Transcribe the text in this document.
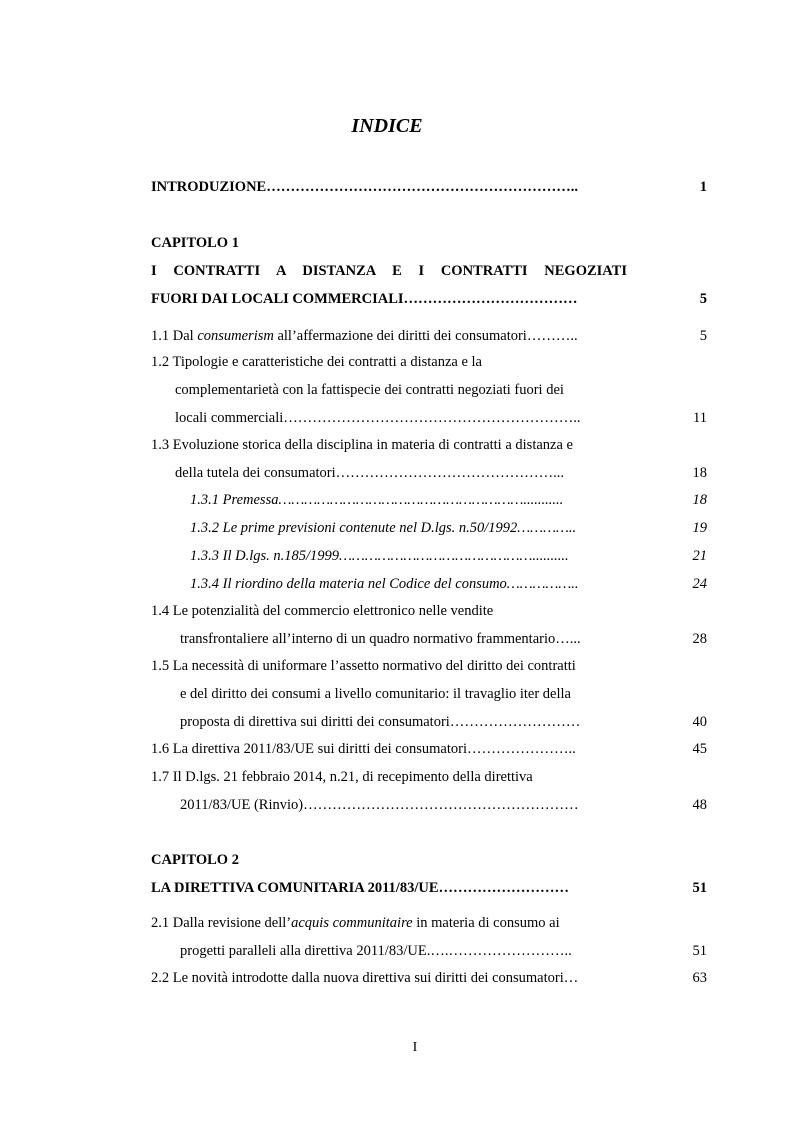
INDICE
INTRODUZIONE………………………………………………………..	1
CAPITOLO 1
I CONTRATTI A DISTANZA E I CONTRATTI NEGOZIATI
FUORI DAI LOCALI COMMERCIALI………………………………	5
1.1 Dal consumerism all’affermazione dei diritti dei consumatori………..	5
1.2 Tipologie e caratteristiche dei contratti a distanza e la
complementarietà con la fattispecie dei contratti negoziati fuori dei
locali commerciali……………………………………………………..	11
1.3 Evoluzione storica della disciplina in materia di contratti a distanza e
della tutela dei consumatori………………………………………...	18
1.3.1 Premessa…………………………………………………...........	18
1.3.2 Le prime previsioni contenute nel D.lgs. n.50/1992…………..	19
1.3.3 Il D.lgs. n.185/1999………………………………………..........	21
1.3.4 Il riordino della materia nel Codice del consumo……………..	24
1.4 Le potenzialità del commercio elettronico nelle vendite
transfrontaliere all’interno di un quadro normativo frammentario…...	28
1.5 La necessità di uniformare l’assetto normativo del diritto dei contratti
e del diritto dei consumi a livello comunitario: il travaglio iter della
proposta di direttiva sui diritti dei consumatori………………………	40
1.6 La direttiva 2011/83/UE sui diritti dei consumatori…………………..	45
1.7 Il D.lgs. 21 febbraio 2014, n.21, di recepimento della direttiva
2011/83/UE (Rinvio)…………………………………………………	48
CAPITOLO 2
LA DIRETTIVA COMUNITARIA 2011/83/UE………………………	51
2.1 Dalla revisione dell’acquis communitaire in materia di consumo ai
progetti paralleli alla direttiva 2011/83/UE.….……………………..	51
2.2 Le novità introdotte dalla nuova direttiva sui diritti dei consumatori…	63
I
